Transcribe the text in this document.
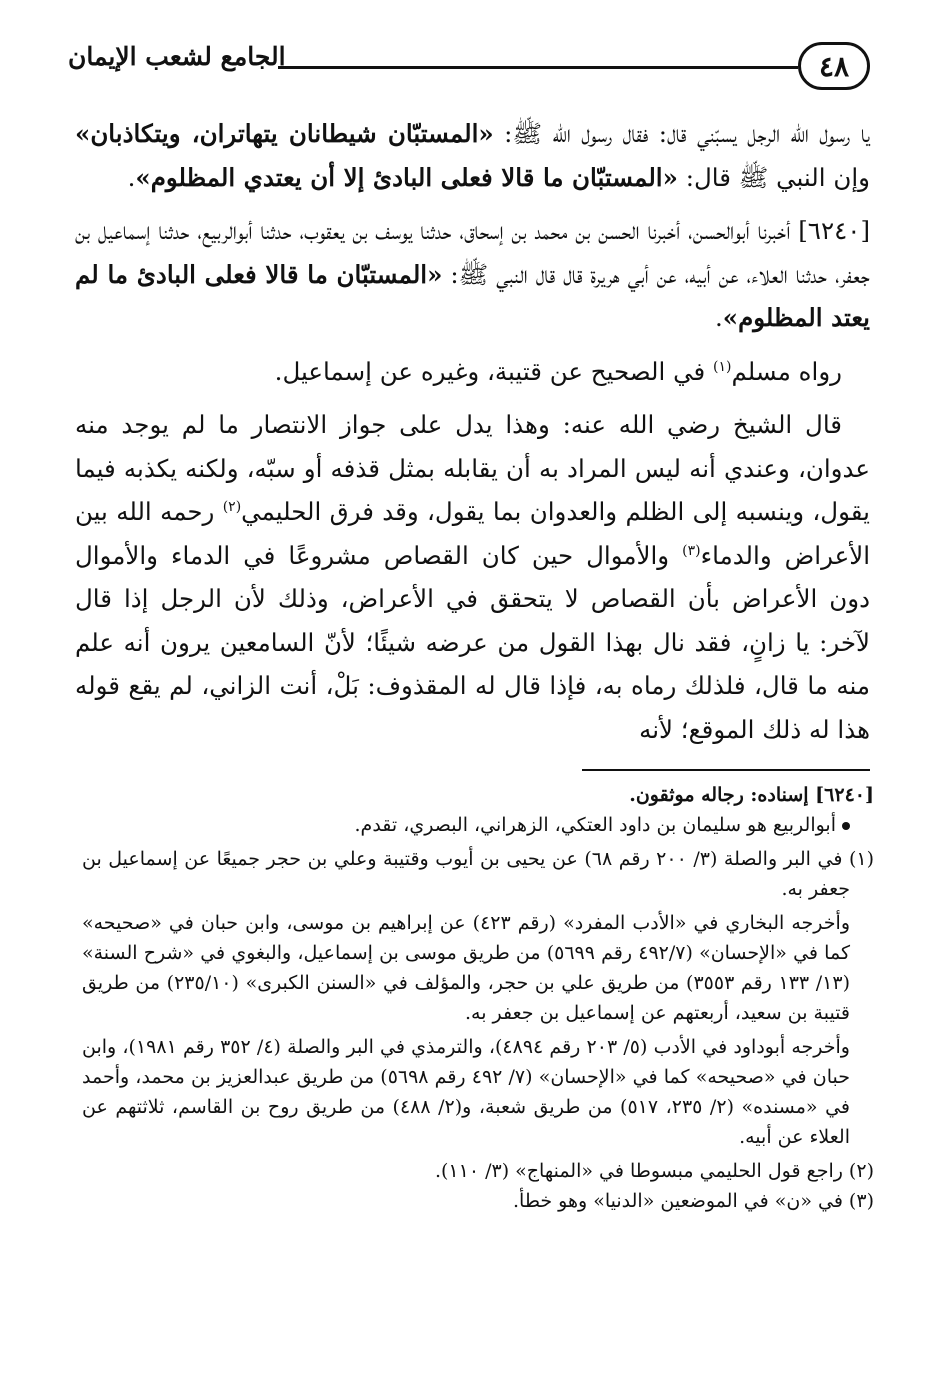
٤٨
الجامع لشعب الإيمان

يا رسول الله الرجل يسبّني قال: فقال رسول الله ﷺ: «المستبّان شيطانان يتهاتران، ويتكاذبان» وإن النبي ﷺ قال: «المستبّان ما قالا فعلى البادئ إلا أن يعتدي المظلوم».

[٦٢٤٠] أخبرنا أبوالحسن، أخبرنا الحسن بن محمد بن إسحاق، حدثنا يوسف بن يعقوب، حدثنا أبوالربيع، حدثنا إسماعيل بن جعفر، حدثنا العلاء، عن أبيه، عن أبي هريرة قال قال النبي ﷺ: «المستبّان ما قالا فعلى البادئ ما لم يعتد المظلوم».

رواه مسلم$^{(١)}$ في الصحيح عن قتيبة، وغيره عن إسماعيل.

قال الشيخ رضي الله عنه: وهذا يدل على جواز الانتصار ما لم يوجد منه عدوان، وعندي أنه ليس المراد به أن يقابله بمثل قذفه أو سبّه، ولكنه يكذبه فيما يقول، وينسبه إلى الظلم والعدوان بما يقول، وقد فرق الحليمي$^{(٢)}$ رحمه الله بين الأعراض والدماء$^{(٣)}$ والأموال حين كان القصاص مشروعًا في الدماء والأموال دون الأعراض بأن القصاص لا يتحقق في الأعراض، وذلك لأن الرجل إذا قال لآخر: يا زانٍ، فقد نال بهذا القول من عرضه شيئًا؛ لأنّ السامعين يرون أنه علم منه ما قال، فلذلك رماه به، فإذا قال له المقذوف: بَلْ، أنت الزاني، لم يقع قوله هذا له ذلك الموقع؛ لأنه

[٦٢٤٠] إسناده: رجاله موثقون.

أبوالربيع هو سليمان بن داود العتكي، الزهراني، البصري، تقدم.

(١) في البر والصلة (٣/ ٢٠٠ رقم ٦٨) عن يحيى بن أيوب وقتيبة وعلي بن حجر جميعًا عن إسماعيل بن جعفر به.

وأخرجه البخاري في «الأدب المفرد» (رقم ٤٢٣) عن إبراهيم بن موسى، وابن حبان في «صحيحه» كما في «الإحسان» (٤٩٢/٧ رقم ٥٦٩٩) من طريق موسى بن إسماعيل، والبغوي في «شرح السنة» (١٣/ ١٣٣ رقم ٣٥٥٣) من طريق علي بن حجر، والمؤلف في «السنن الكبرى» (٢٣٥/١٠) من طريق قتيبة بن سعيد، أربعتهم عن إسماعيل بن جعفر به.

وأخرجه أبوداود في الأدب (٥/ ٢٠٣ رقم ٤٨٩٤)، والترمذي في البر والصلة (٤/ ٣٥٢ رقم ١٩٨١)، وابن حبان في «صحيحه» كما في «الإحسان» (٧/ ٤٩٢ رقم ٥٦٩٨) من طريق عبدالعزيز بن محمد، وأحمد في «مسنده» (٢/ ٢٣٥، ٥١٧) من طريق شعبة، و(٢/ ٤٨٨) من طريق روح بن القاسم، ثلاثتهم عن العلاء عن أبيه.

(٢) راجع قول الحليمي مبسوطا في «المنهاج» (٣/ ١١٠).

(٣) في «ن» في الموضعين «الدنيا» وهو خطأ.
